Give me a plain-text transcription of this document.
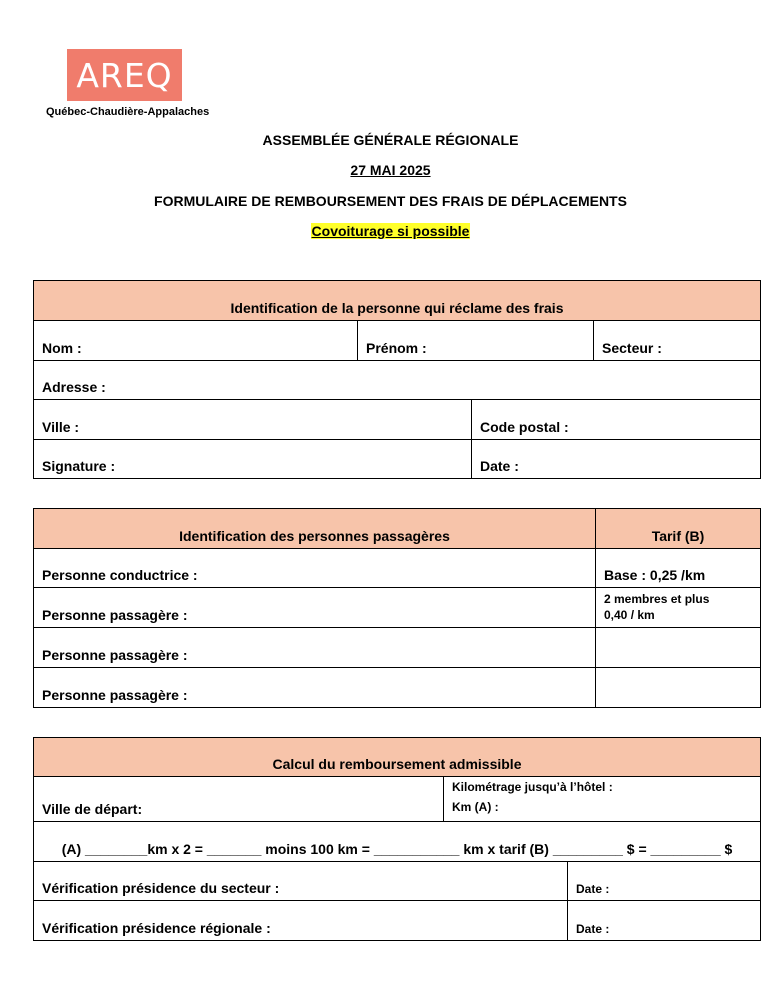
AREQ
Québec-Chaudière-Appalaches
ASSEMBLÉE GÉNÉRALE RÉGIONALE
27 MAI 2025
FORMULAIRE DE REMBOURSEMENT DES FRAIS DE DÉPLACEMENTS
Covoiturage si possible
Identification de la personne qui réclame des frais			
Nom :	Prénom :		Secteur :
Adresse :			
Ville :		Code postal :	
Signature :		Date :	
Identification des personnes passagères	Tarif (B)
Personne conductrice :	Base : 0,25 /km
Personne passagère :	2 membres et plus
0,40 / km

Personne passagère :	
Personne passagère :	
Calcul du remboursement admissible		
Ville de départ:	Kilométrage jusqu’à l’hôtel :
Km (A) :	

(A) ________km x 2 = _______ moins 100 km = ___________ km x tarif (B) _________ $ = _________ $		
Vérification présidence du secteur :		Date :
Vérification présidence régionale :		Date :
